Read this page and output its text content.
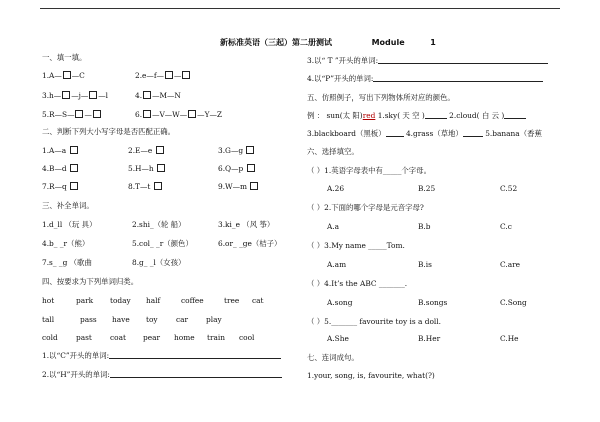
新标准英语（三起）第二册测试	Module	1
一、填一填。
1.A— —C	2.e—f— —
3.h— —j— —l	4. —M—N
5.R—S— —	6. —V—W— —Y—Z
二、判断下列大小写字母是否匹配正确。
1.A—a	2.E—e	3.G—g
4.B—d	5.H—h	6.Q—p
7.R—q	8.T—t	9.W—m
三、补全单词。
1.d_ll （玩 具）	2.shi_（轮 船）	3.ki_e （风 筝）
4.b_ _r（熊）	5.col_ _r（颜色）	6.or_ _ge（桔子）
7.s_ _g （歌曲	8.g_ _l（女孩）
四、按要求为下列单词归类。
hot	park today half	coffee	tree cat
tall	pass have toy car play
cold past coat pear home train cool
1.以“C”开头的单词:
2.以“H”开头的单词:
3.以“ T ”开头的单词:
4.以“P”开头的单词:
五、仿照例子，写出下列物体所对应的颜色。
例 ： sun(太 阳)red 1.sky( 天 空 )	2.cloud( 白 云 )
3.blackboard（黑板）	4.grass（草地）	5.banana（香蕉
六、选择填空。
（ ）1.英语字母表中有_____个字母。
A.26	B.25	C.52
（ ）2.下面的哪个字母是元音字母?
A.a	B.b	C.c
（ ）3.My name _____Tom.
A.am	B.is	C.are
（ ）4.It’s the ABC _______.
A.song	B.songs	C.Song
（ ）5._______ favourite toy is a doll.
A.She	B.Her	C.He
七、连词成句。
1.your, song, is, favourite, what(?)
